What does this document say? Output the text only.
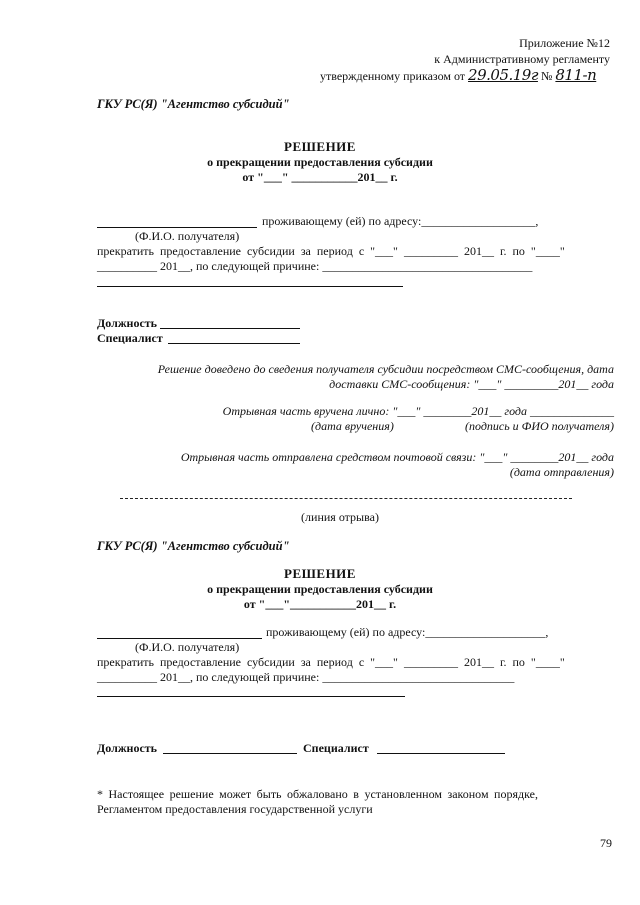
Приложение №12
к Административному регламенту
утвержденному приказом от 29.05.19г № 811-п
ГКУ РС(Я) "Агентство субсидий"
РЕШЕНИЕ
о прекращении предоставления субсидии
от "___" ___________201__ г.
проживающему (ей) по адресу:___________________,
(Ф.И.О. получателя)
прекратить предоставление субсидии за период с "___" _________ 201__ г. по "____"
__________ 201__, по следующей причине: ___________________________________
Должность
Специалист
Решение доведено до сведения получателя субсидии посредством СМС-сообщения, дата
доставки СМС-сообщения: "___" _________201__ года
Отрывная часть вручена лично: "___" ________201__ года ______________
(дата вручения)	(подпись и ФИО получателя)
Отрывная часть отправлена средством почтовой связи: "___" ________201__ года
(дата отправления)
(линия отрыва)
ГКУ РС(Я) "Агентство субсидий"
РЕШЕНИЕ
о прекращении предоставления субсидии
от "___"___________201__ г.
проживающему (ей) по адресу:____________________,
(Ф.И.О. получателя)
прекратить предоставление субсидии за период с "___" _________ 201__ г. по "____"
__________ 201__, по следующей причине: ________________________________
Должность	Специалист
* Настоящее решение может быть обжаловано в установленном законом порядке,
Регламентом предоставления государственной услуги
79
